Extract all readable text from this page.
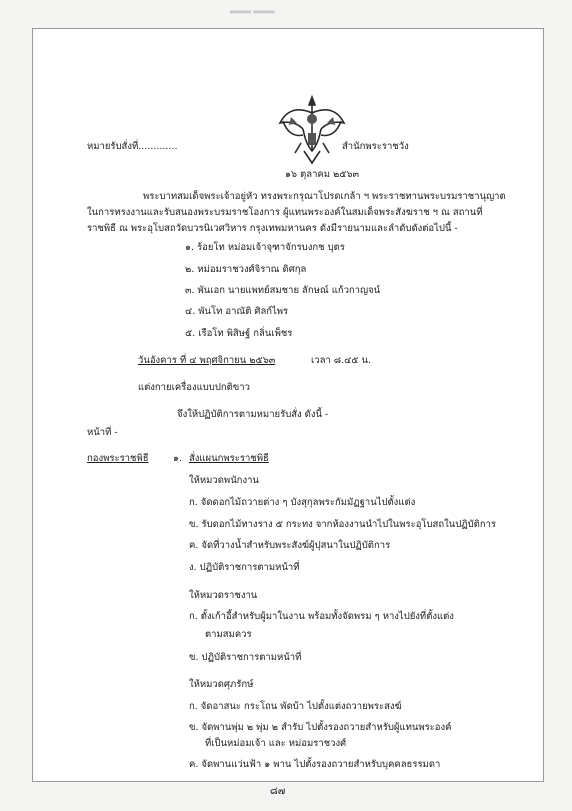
▂▂▂ ▂▂▂
หมายรับสั่งที่.............	สำนักพระราชวัง
๑๖ ตุลาคม ๒๕๖๓
พระบาทสมเด็จพระเจ้าอยู่หัว ทรงพระกรุณาโปรดเกล้า ฯ พระราชทานพระบรมราชานุญาต
ในการทรงงานและรับสนองพระบรมราชโองการ ผู้แทนพระองค์ในสมเด็จพระสังฆราช ฯ ณ สถานที่
ราชพิธี ณ พระอุโบสถวัดบวรนิเวศวิหาร กรุงเทพมหานคร ดังมีรายนามและลำดับดังต่อไปนี้ -
๑. ร้อยโท หม่อมเจ้าจุฑาจักรบงกช บุตร
๒. หม่อมราชวงศ์จิราณ ดิศกุล
๓. พันเอก นายแพทย์สมชาย ลักษณ์ แก้วกาญจน์
๔. พันโท อาณัติ ศิลก์ไพร
๕. เรือโท พิสิษฐ์ กลิ่นเพ็ชร
วันอังคาร ที่ ๔ พฤศจิกายน ๒๕๖๓	เวลา ๘.๔๕ น.
แต่งกายเครื่องแบบปกติขาว
จึงให้ปฏิบัติการตามหมายรับสั่ง ดังนี้ -
หน้าที่ -
กองพระราชพิธี	๑. สั่งแผนกพระราชพิธี
ให้หมวดพนักงาน
ก. จัดดอกไม้ถวายต่าง ๆ บังสุกุลพระกัมมัฏฐานไปตั้งแต่ง
ข. รับดอกไม้ทางราง ๕ กระทง จากห้องงานนำไปในพระอุโบสถในปฏิบัติการ
ค. จัดที่วางน้ำสำหรับพระสังฆ์ผู้ปุสนาในปฏิบัติการ
ง. ปฏิบัติราชการตามหน้าที่
ให้หมวดราชงาน
ก. ตั้งเก้าอี้สำหรับผู้มาในงาน พร้อมทั้งจัดพรม ๆ หางไปยังที่ตั้งแต่ง
ตามสมควร
ข. ปฏิบัติราชการตามหน้าที่
ให้หมวดศุภรักษ์
ก. จัดอาสนะ กระโถน พัดบ้า ไปตั้งแต่งถวายพระสงฆ์
ข. จัดพานพุ่ม ๒ พุ่ม ๒ สำรับ ไปตั้งรองถวายสำหรับผู้แทนพระองค์
ที่เป็นหม่อมเจ้า และ หม่อมราชวงศ์
ค. จัดพานแว่นฟ้า ๑ พาน ไปตั้งรองถวายสำหรับบุคคลธรรมดา
๘๗
